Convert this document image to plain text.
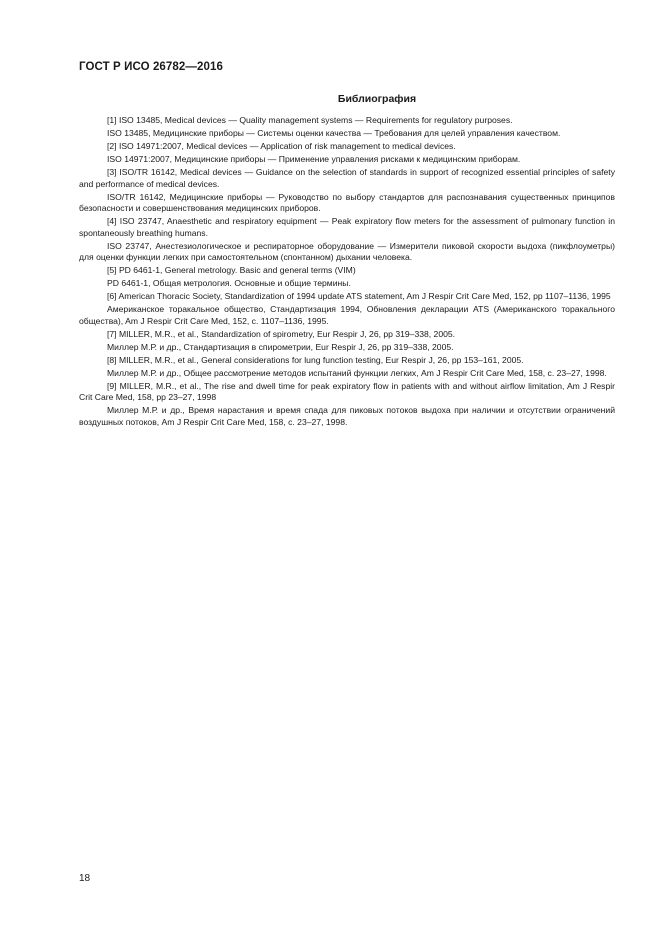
ГОСТ Р ИСО 26782—2016
Библиография

[1] ISO 13485, Medical devices — Quality management systems — Requirements for regulatory purposes.

ISO 13485, Медицинские приборы — Системы оценки качества — Требования для целей управления качеством.

[2] ISO 14971:2007, Medical devices — Application of risk management to medical devices.

ISO 14971:2007, Медицинские приборы — Применение управления рисками к медицинским приборам.

[3] ISO/TR 16142, Medical devices — Guidance on the selection of standards in support of recognized essential principles of safety and performance of medical devices.

ISO/TR 16142, Медицинские приборы — Руководство по выбору стандартов для распознавания существенных принципов безопасности и совершенствования медицинских приборов.

[4] ISO 23747, Anaesthetic and respiratory equipment — Peak expiratory flow meters for the assessment of pulmonary function in spontaneously breathing humans.

ISO 23747, Анестезиологическое и респираторное оборудование — Измерители пиковой скорости выдоха (пикфлоуметры) для оценки функции легких при самостоятельном (спонтанном) дыхании человека.

[5] PD 6461-1, General metrology. Basic and general terms (VIM)

PD 6461-1, Общая метрология. Основные и общие термины.

[6] American Thoracic Society, Standardization of 1994 update ATS statement, Am J Respir Crit Care Med, 152, pp 1107–1136, 1995

Американское торакальное общество, Стандартизация 1994, Обновления декларации ATS (Американского торакального общества), Am J Respir Crit Care Med, 152, с. 1107–1136, 1995.

[7] MILLER, M.R., et al., Standardization of spirometry, Eur Respir J, 26, pp 319–338, 2005.

Миллер М.Р. и др., Стандартизация в спирометрии, Eur Respir J, 26, pp 319–338, 2005.

[8] MILLER, M.R., et al., General considerations for lung function testing, Eur Respir J, 26, pp 153–161, 2005.

Миллер М.Р. и др., Общее рассмотрение методов испытаний функции легких, Am J Respir Crit Care Med, 158, c. 23–27, 1998.

[9] MILLER, M.R., et al., The rise and dwell time for peak expiratory flow in patients with and without airflow limitation, Am J Respir Crit Care Med, 158, pp 23–27, 1998

Миллер М.Р. и др., Время нарастания и время спада для пиковых потоков выдоха при наличии и отсутствии ограничений воздушных потоков, Am J Respir Crit Care Med, 158, c. 23–27, 1998.

18
